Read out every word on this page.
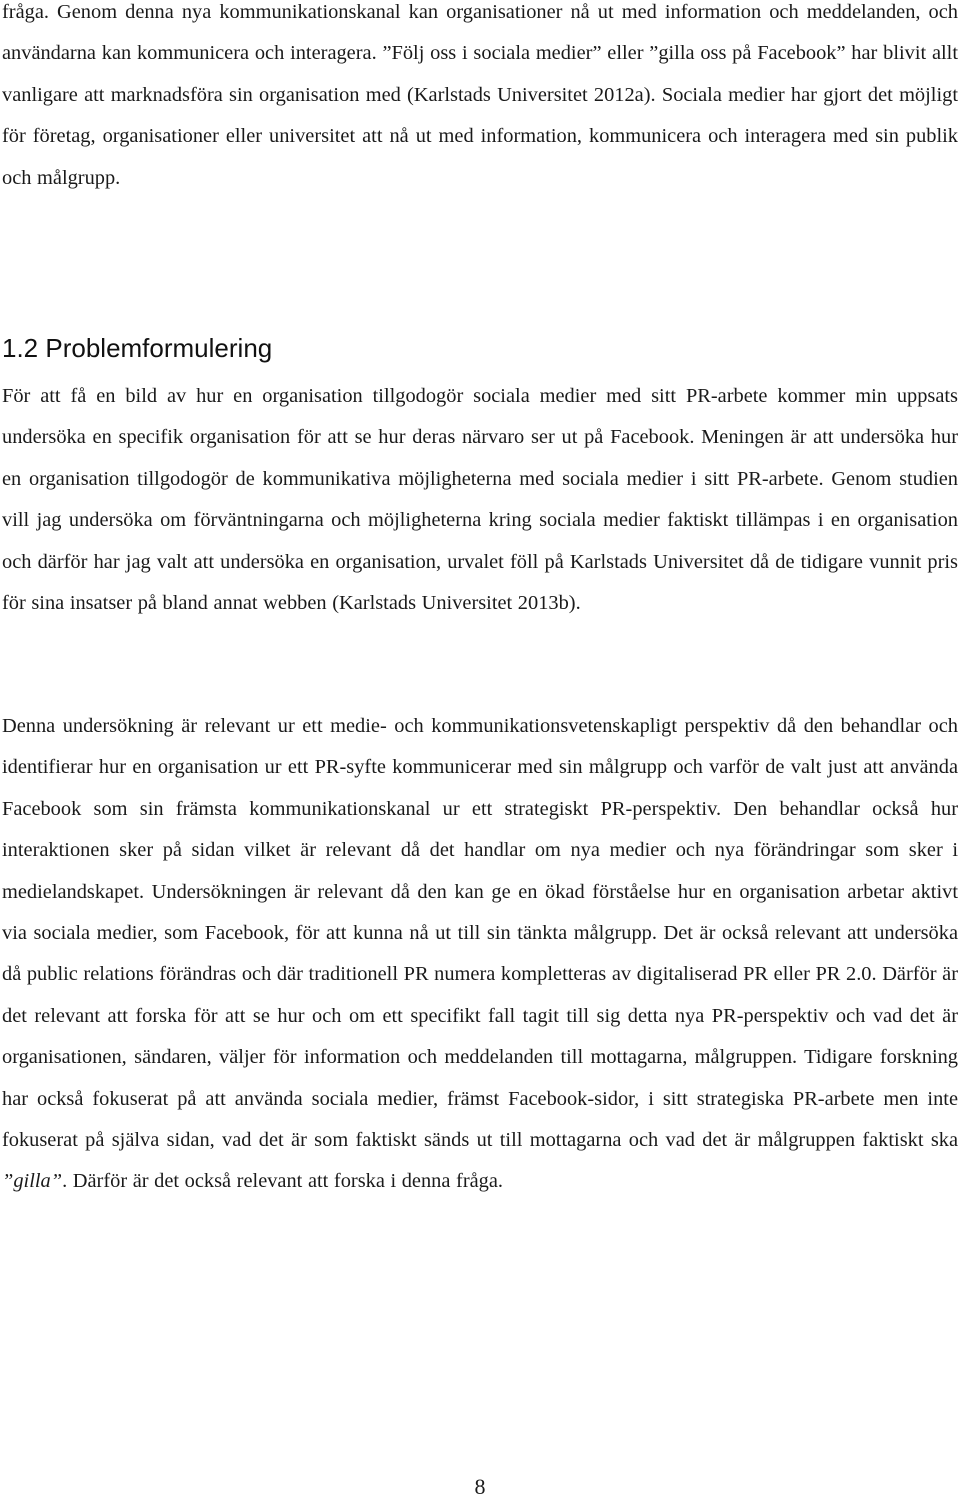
fråga. Genom denna nya kommunikationskanal kan organisationer nå ut med information och meddelanden, och användarna kan kommunicera och interagera. ”Följ oss i sociala medier” eller ”gilla oss på Facebook” har blivit allt vanligare att marknadsföra sin organisation med (Karlstads Universitet 2012a). Sociala medier har gjort det möjligt för företag, organisationer eller universitet att nå ut med information, kommunicera och interagera med sin publik och målgrupp.

1.2 Problemformulering

För att få en bild av hur en organisation tillgodogör sociala medier med sitt PR-arbete kommer min uppsats undersöka en specifik organisation för att se hur deras närvaro ser ut på Facebook. Meningen är att undersöka hur en organisation tillgodogör de kommunikativa möjligheterna med sociala medier i sitt PR-arbete. Genom studien vill jag undersöka om förväntningarna och möjligheterna kring sociala medier faktiskt tillämpas i en organisation och därför har jag valt att undersöka en organisation, urvalet föll på Karlstads Universitet då de tidigare vunnit pris för sina insatser på bland annat webben (Karlstads Universitet 2013b).

Denna undersökning är relevant ur ett medie- och kommunikationsvetenskapligt perspektiv då den behandlar och identifierar hur en organisation ur ett PR-syfte kommunicerar med sin målgrupp och varför de valt just att använda Facebook som sin främsta kommunikationskanal ur ett strategiskt PR-perspektiv. Den behandlar också hur interaktionen sker på sidan vilket är relevant då det handlar om nya medier och nya förändringar som sker i medielandskapet. Undersökningen är relevant då den kan ge en ökad förståelse hur en organisation arbetar aktivt via sociala medier, som Facebook, för att kunna nå ut till sin tänkta målgrupp. Det är också relevant att undersöka då public relations förändras och där traditionell PR numera kompletteras av digitaliserad PR eller PR 2.0. Därför är det relevant att forska för att se hur och om ett specifikt fall tagit till sig detta nya PR-perspektiv och vad det är organisationen, sändaren, väljer för information och meddelanden till mottagarna, målgruppen. Tidigare forskning har också fokuserat på att använda sociala medier, främst Facebook-sidor, i sitt strategiska PR-arbete men inte fokuserat på själva sidan, vad det är som faktiskt sänds ut till mottagarna och vad det är målgruppen faktiskt ska ”gilla”. Därför är det också relevant att forska i denna fråga.

8
